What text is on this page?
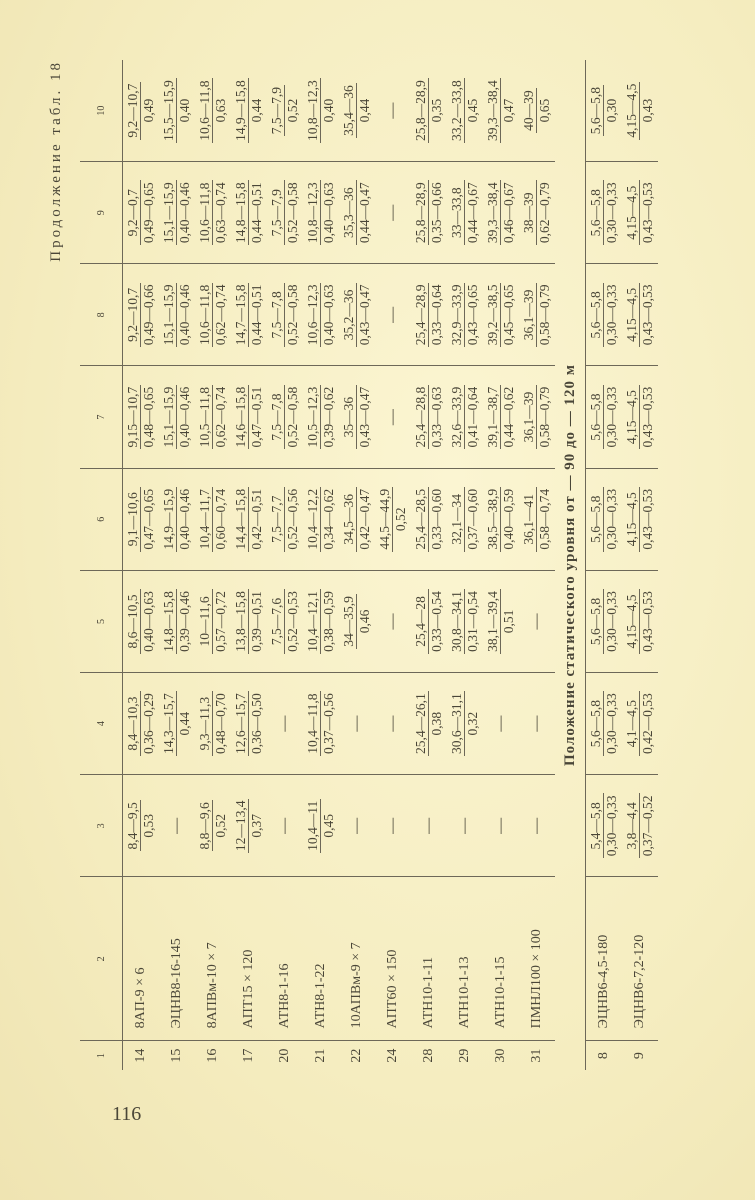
Продолжение табл. 18
1	2	3	4	5	6	7	8	9	10
14	8АП-9 × 6	8,4—9,5 0,53	8,4—10,3 0,36—0,29	8,6—10,5 0,40—0,63	9,1—10,6 0,47—0,65	9,15—10,7 0,48—0,65	9,2—10,7 0,49—0,66	9,2—0,7 0,49—0,65	9,2—10,7 0,49

15	ЭЦНВ8-16-145	—	14,3—15,7 0,44	14,8—15,8 0,39—0,46	14,9—15,9 0,40—0,46	15,1—15,9 0,40—0,46	15,1—15,9 0,40—0,46	15,1—15,9 0,40—0,46	15,5—15,9 0,40

16	8АПВм-10 × 7	8,8—9,6 0,52	9,3—11,3 0,48—0,70	10—11,6 0,57—0,72	10,4—11,7 0,60—0,74	10,5—11,8 0,62—0,74	10,6—11,8 0,62—0,74	10,6—11,8 0,63—0,74	10,6—11,8 0,63

17	АПТ15 × 120	12—13,4 0,37	12,6—15,7 0,36—0,50	13,8—15,8 0,39—0,51	14,4—15,8 0,42—0,51	14,6—15,8 0,47—0,51	14,7—15,8 0,44—0,51	14,8—15,8 0,44—0,51	14,9—15,8 0,44

20	АТН8-1-16	—	—	7,5—7,6 0,52—0,53	7,5—7,7 0,52—0,56	7,5—7,8 0,52—0,58	7,5—7,8 0,52—0,58	7,5—7,9 0,52—0,58	7,5—7,9 0,52

21	АТН8-1-22	10,4—11 0,45	10,4—11,8 0,37—0,56	10,4—12,1 0,38—0,59	10,4—12,2 0,34—0,62	10,5—12,3 0,39—0,62	10,6—12,3 0,40—0,63	10,8—12,3 0,40—0,63	10,8—12,3 0,40

22	10АПВм-9 × 7	—	—	34—35,9 0,46	34,5—36 0,42—0,47	35—36 0,43—0,47	35,2—36 0,43—0,47	35,3—36 0,44—0,47	35,4—36 0,44

24	АПТ60 × 150	—	—	—	44,5—44,9 0,52	—	—	—	—
28	АТН10-1-11	—	25,4—26,1 0,38	25,4—28 0,33—0,54	25,4—28,5 0,33—0,60	25,4—28,8 0,33—0,63	25,4—28,9 0,33—0,64	25,8—28,9 0,35—0,66	25,8—28,9 0,35

29	АТН10-1-13	—	30,6—31,1 0,32	30,8—34,1 0,31—0,54	32,1—34 0,37—0,60	32,6—33,9 0,41—0,64	32,9—33,9 0,43—0,65	33—33,8 0,44—0,67	33,2—33,8 0,45

30	АТН10-1-15	—	—	38,1—39,4 0,51	38,5—38,9 0,40—0,59	39,1—38,7 0,44—0,62	39,2—38,5 0,45—0,65	39,3—38,4 0,46—0,67	39,3—38,4 0,47

31	ПМНЛ100 × 100	—	—	—	36,1—41 0,58—0,74	36,1—39 0,58—0,79	36,1—39 0,58—0,79	38—39 0,62—0,79	40—39 0,65

Положение статического уровня от — 90 до — 120 м									
8	ЭЦНВ6-4,5-180	5,4—5,8 0,30—0,33	5,6—5,8 0,30—0,33	5,6—5,8 0,30—0,33	5,6—5,8 0,30—0,33	5,6—5,8 0,30—0,33	5,6—5,8 0,30—0,33	5,6—5,8 0,30—0,33	5,6—5,8 0,30

9	ЭЦНВ6-7,2-120	3,8—4,4 0,37—0,52	4,1—4,5 0,42—0,53	4,15—4,5 0,43—0,53	4,15—4,5 0,43—0,53	4,15—4,5 0,43—0,53	4,15—4,5 0,43—0,53	4,15—4,5 0,43—0,53	4,15—4,5 0,43
116
